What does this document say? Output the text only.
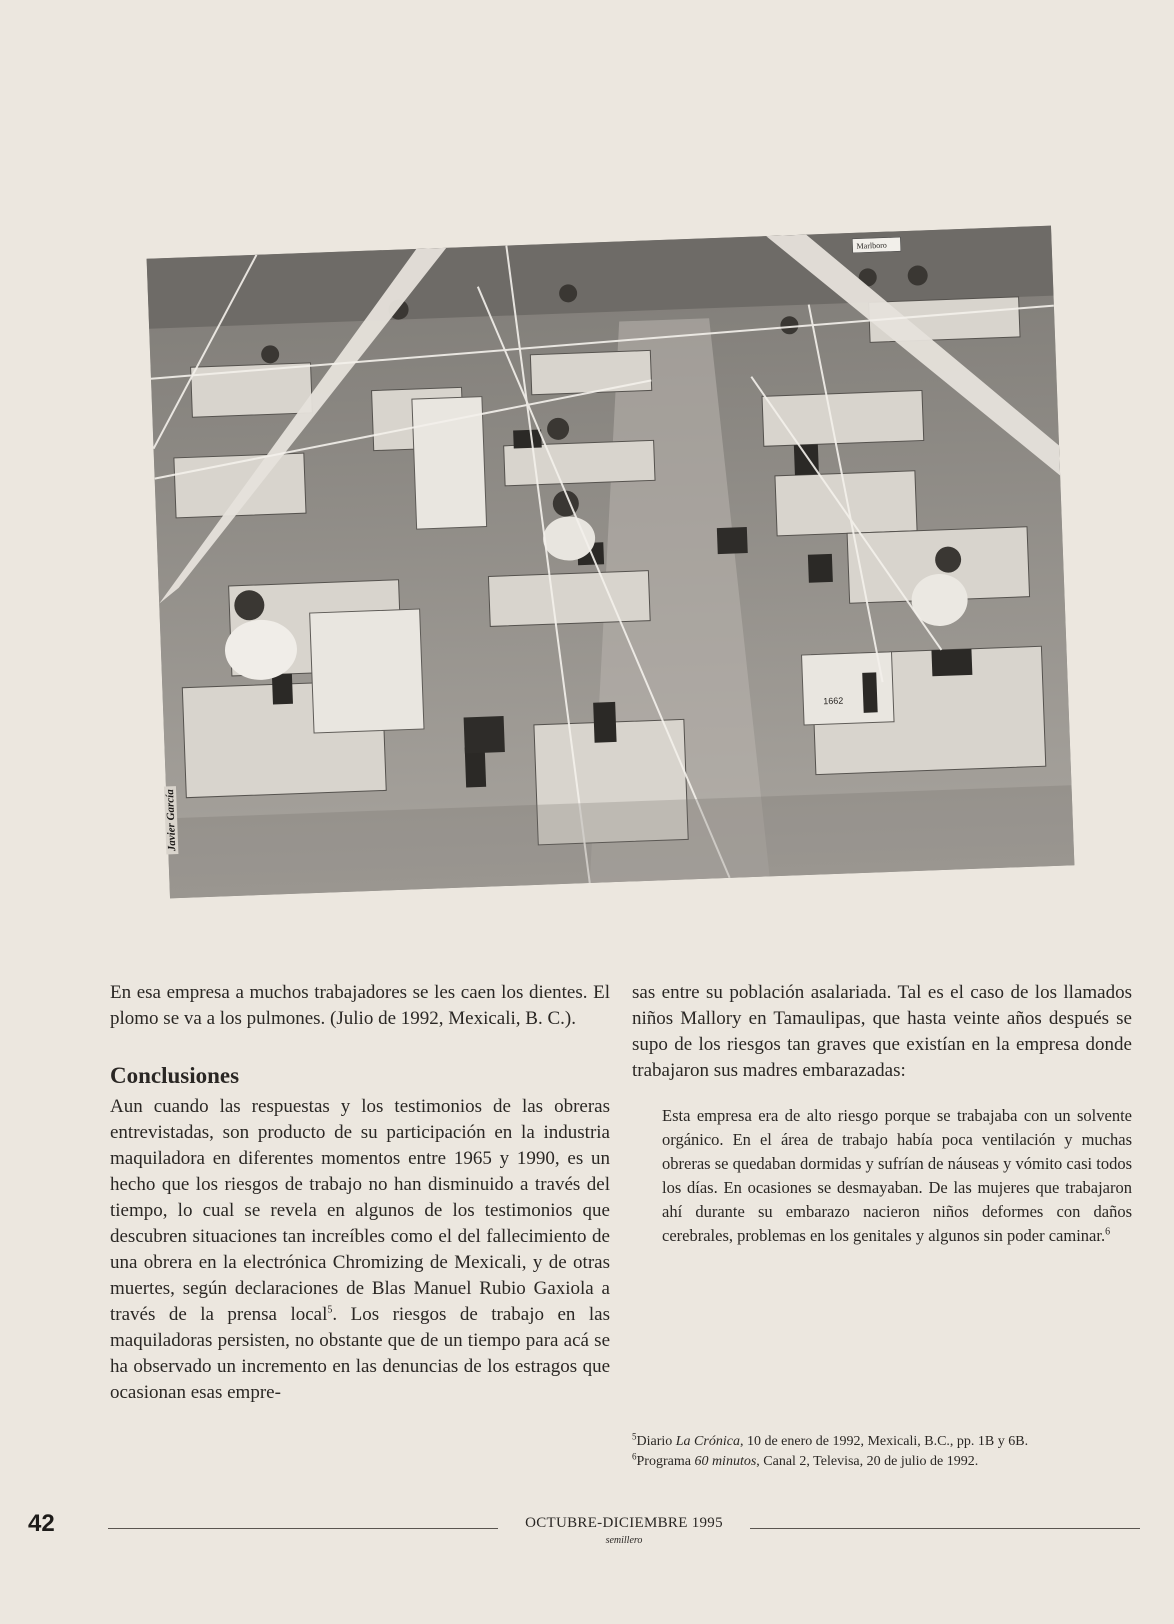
1662
Marlboro
Javier García

En esa empresa a muchos trabajadores se les caen los dientes. El plomo se va a los pulmones. (Julio de 1992, Mexicali, B. C.).

Conclusiones

Aun cuando las respuestas y los testimonios de las obreras entrevistadas, son producto de su participación en la industria maquiladora en diferentes momentos entre 1965 y 1990, es un hecho que los riesgos de trabajo no han disminuido a través del tiempo, lo cual se revela en algunos de los testimonios que descubren situaciones tan increíbles como el del fallecimiento de una obrera en la electrónica Chromizing de Mexicali, y de otras muertes, según declaraciones de Blas Manuel Rubio Gaxiola a través de la prensa local$^5$. Los riesgos de trabajo en las maquiladoras persisten, no obstante que de un tiempo para acá se ha observado un incremento en las denuncias de los estragos que ocasionan esas empre-

sas entre su población asalariada. Tal es el caso de los llamados niños Mallory en Tamaulipas, que hasta veinte años después se supo de los riesgos tan graves que existían en la empresa donde trabajaron sus madres embarazadas:

Esta empresa era de alto riesgo porque se trabajaba con un solvente orgánico. En el área de trabajo había poca ventilación y muchas obreras se quedaban dormidas y sufrían de náuseas y vómito casi todos los días. En ocasiones se desmayaban. De las mujeres que trabajaron ahí durante su embarazo nacieron niños deformes con daños cerebrales, problemas en los genitales y algunos sin poder caminar.$^6$
$^5$Diario La Crónica, 10 de enero de 1992, Mexicali, B.C., pp. 1B y 6B.
$^6$Programa 60 minutos, Canal 2, Televisa, 20 de julio de 1992.
42	OCTUBRE-DICIEMBRE 1995
semillero
